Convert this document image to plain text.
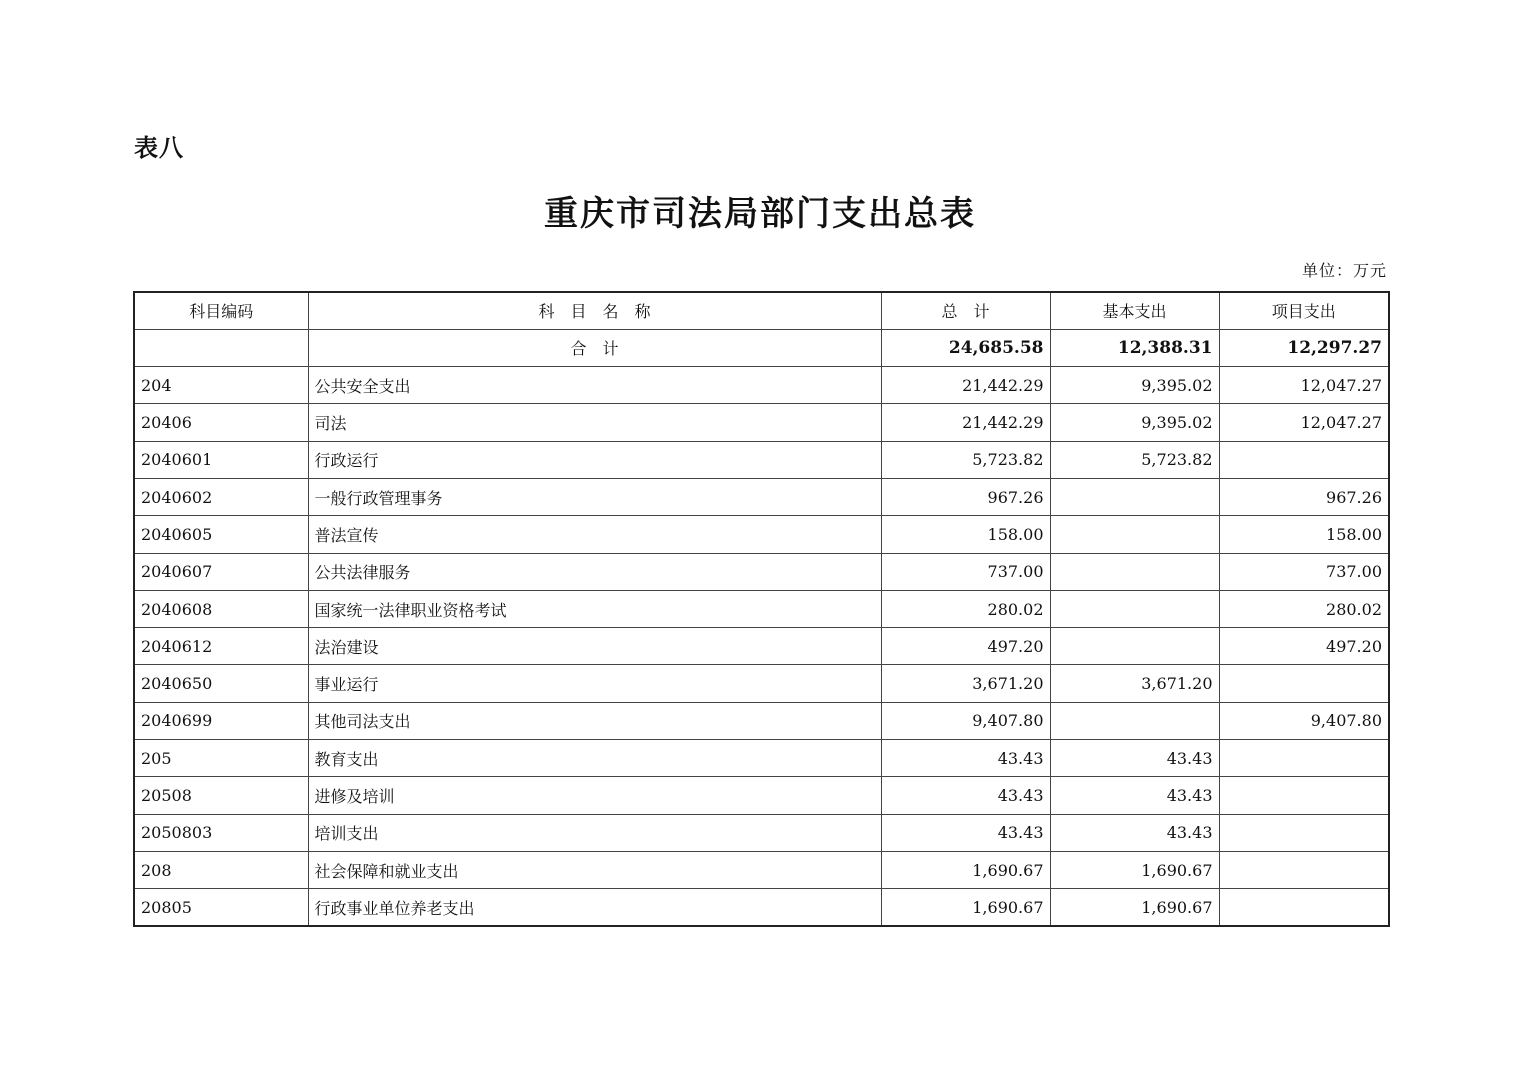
表八
重庆市司法局部门支出总表
单位：万元
科目编码	科　目　名　称	总　计	基本支出	项目支出
	合　计	24,685.58	12,388.31	12,297.27
204	公共安全支出	21,442.29	9,395.02	12,047.27
20406	司法	21,442.29	9,395.02	12,047.27
2040601	行政运行	5,723.82	5,723.82	
2040602	一般行政管理事务	967.26		967.26
2040605	普法宣传	158.00		158.00
2040607	公共法律服务	737.00		737.00
2040608	国家统一法律职业资格考试	280.02		280.02
2040612	法治建设	497.20		497.20
2040650	事业运行	3,671.20	3,671.20	
2040699	其他司法支出	9,407.80		9,407.80
205	教育支出	43.43	43.43	
20508	进修及培训	43.43	43.43	
2050803	培训支出	43.43	43.43	
208	社会保障和就业支出	1,690.67	1,690.67	
20805	行政事业单位养老支出	1,690.67	1,690.67	
